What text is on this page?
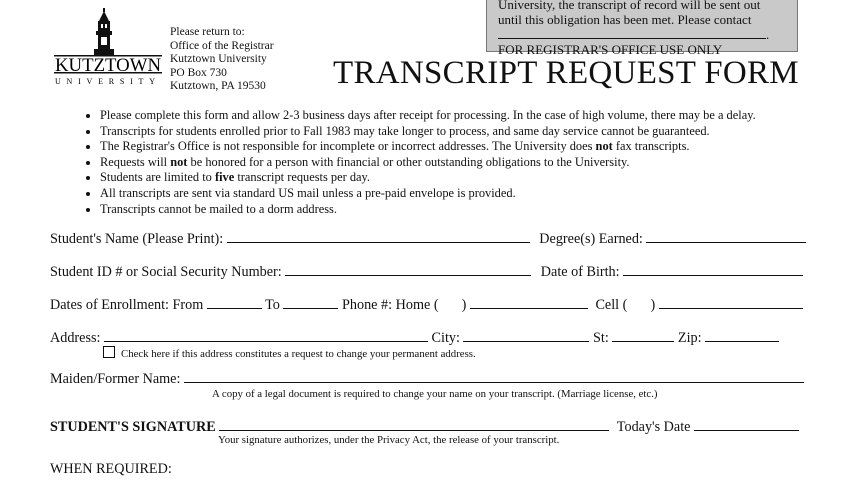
KUTZTOWN
UNIVERSITY
Please return to:
Office of the Registrar
Kutztown University
PO Box 730
Kutztown, PA 19530
University, the transcript of record will be sent out
until this obligation has been met. Please contact
.
FOR REGISTRAR'S OFFICE USE ONLY
TRANSCRIPT REQUEST FORM
• Please complete this form and allow 2-3 business days after receipt for processing. In the case of high volume, there may be a delay.
• Transcripts for students enrolled prior to Fall 1983 may take longer to process, and same day service cannot be guaranteed.
• The Registrar's Office is not responsible for incomplete or incorrect addresses. The University does not fax transcripts.
• Requests will not be honored for a person with financial or other outstanding obligations to the University.
• Students are limited to five transcript requests per day.
• All transcripts are sent via standard US mail unless a pre-paid envelope is provided.
• Transcripts cannot be mailed to a dorm address.
Student's Name (Please Print):	Degree(s) Earned:
Student ID # or Social Security Number:	Date of Birth:
Dates of Enrollment: From	To	Phone #: Home ( )	Cell ( )
Address:	City:	St:	Zip:
Check here if this address constitutes a request to change your permanent address.
Maiden/Former Name:
A copy of a legal document is required to change your name on your transcript. (Marriage license, etc.)
STUDENT'S SIGNATURE	Today's Date
Your signature authorizes, under the Privacy Act, the release of your transcript.
WHEN REQUIRED:
